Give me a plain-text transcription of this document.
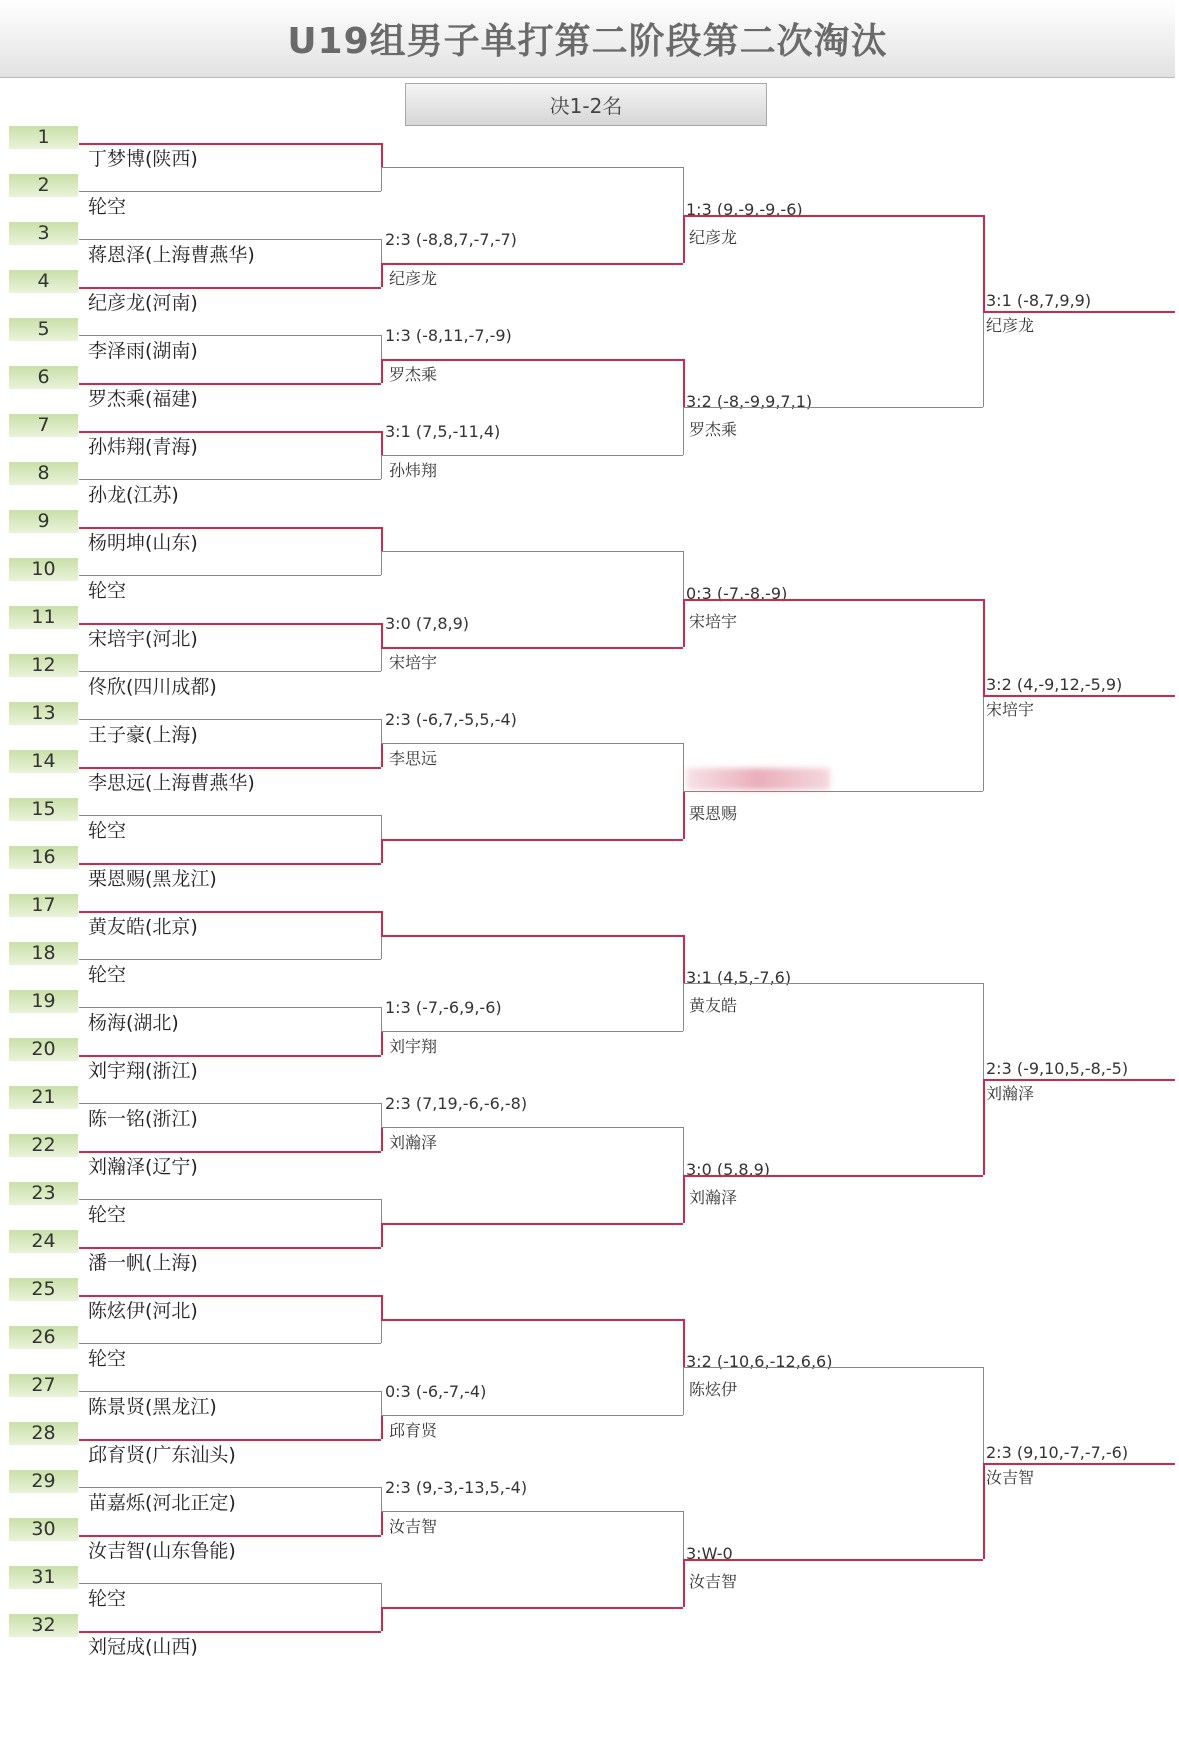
U19组男子单打第二阶段第二次淘汰
决1-2名
1
丁梦博(陕西)
2
轮空
3
蒋恩泽(上海曹燕华)
4
纪彦龙(河南)
5
李泽雨(湖南)
6
罗杰乘(福建)
7
孙炜翔(青海)
8
孙龙(江苏)
9
杨明坤(山东)
10
轮空
11
宋培宇(河北)
12
佟欣(四川成都)
13
王子豪(上海)
14
李思远(上海曹燕华)
15
轮空
16
栗恩赐(黑龙江)
17
黄友皓(北京)
18
轮空
19
杨海(湖北)
20
刘宇翔(浙江)
21
陈一铭(浙江)
22
刘瀚泽(辽宁)
23
轮空
24
潘一帆(上海)
25
陈炫伊(河北)
26
轮空
27
陈景贤(黑龙江)
28
邱育贤(广东汕头)
29
苗嘉烁(河北正定)
30
汝吉智(山东鲁能)
31
轮空
32
刘冠成(山西)
2:3 (-8,8,7,-7,-7)
纪彦龙
1:3 (-8,11,-7,-9)
罗杰乘
3:1 (7,5,-11,4)
孙炜翔
3:0 (7,8,9)
宋培宇
2:3 (-6,7,-5,5,-4)
李思远
1:3 (-7,-6,9,-6)
刘宇翔
2:3 (7,19,-6,-6,-8)
刘瀚泽
0:3 (-6,-7,-4)
邱育贤
2:3 (9,-3,-13,5,-4)
汝吉智
1:3 (9,-9,-9,-6)
纪彦龙
3:2 (-8,-9,9,7,1)
罗杰乘
0:3 (-7,-8,-9)
宋培宇
栗恩赐
3:1 (4,5,-7,6)
黄友皓
3:0 (5,8,9)
刘瀚泽
3:2 (-10,6,-12,6,6)
陈炫伊
3:W-0
汝吉智
3:1 (-8,7,9,9)
纪彦龙
3:2 (4,-9,12,-5,9)
宋培宇
2:3 (-9,10,5,-8,-5)
刘瀚泽
2:3 (9,10,-7,-7,-6)
汝吉智
